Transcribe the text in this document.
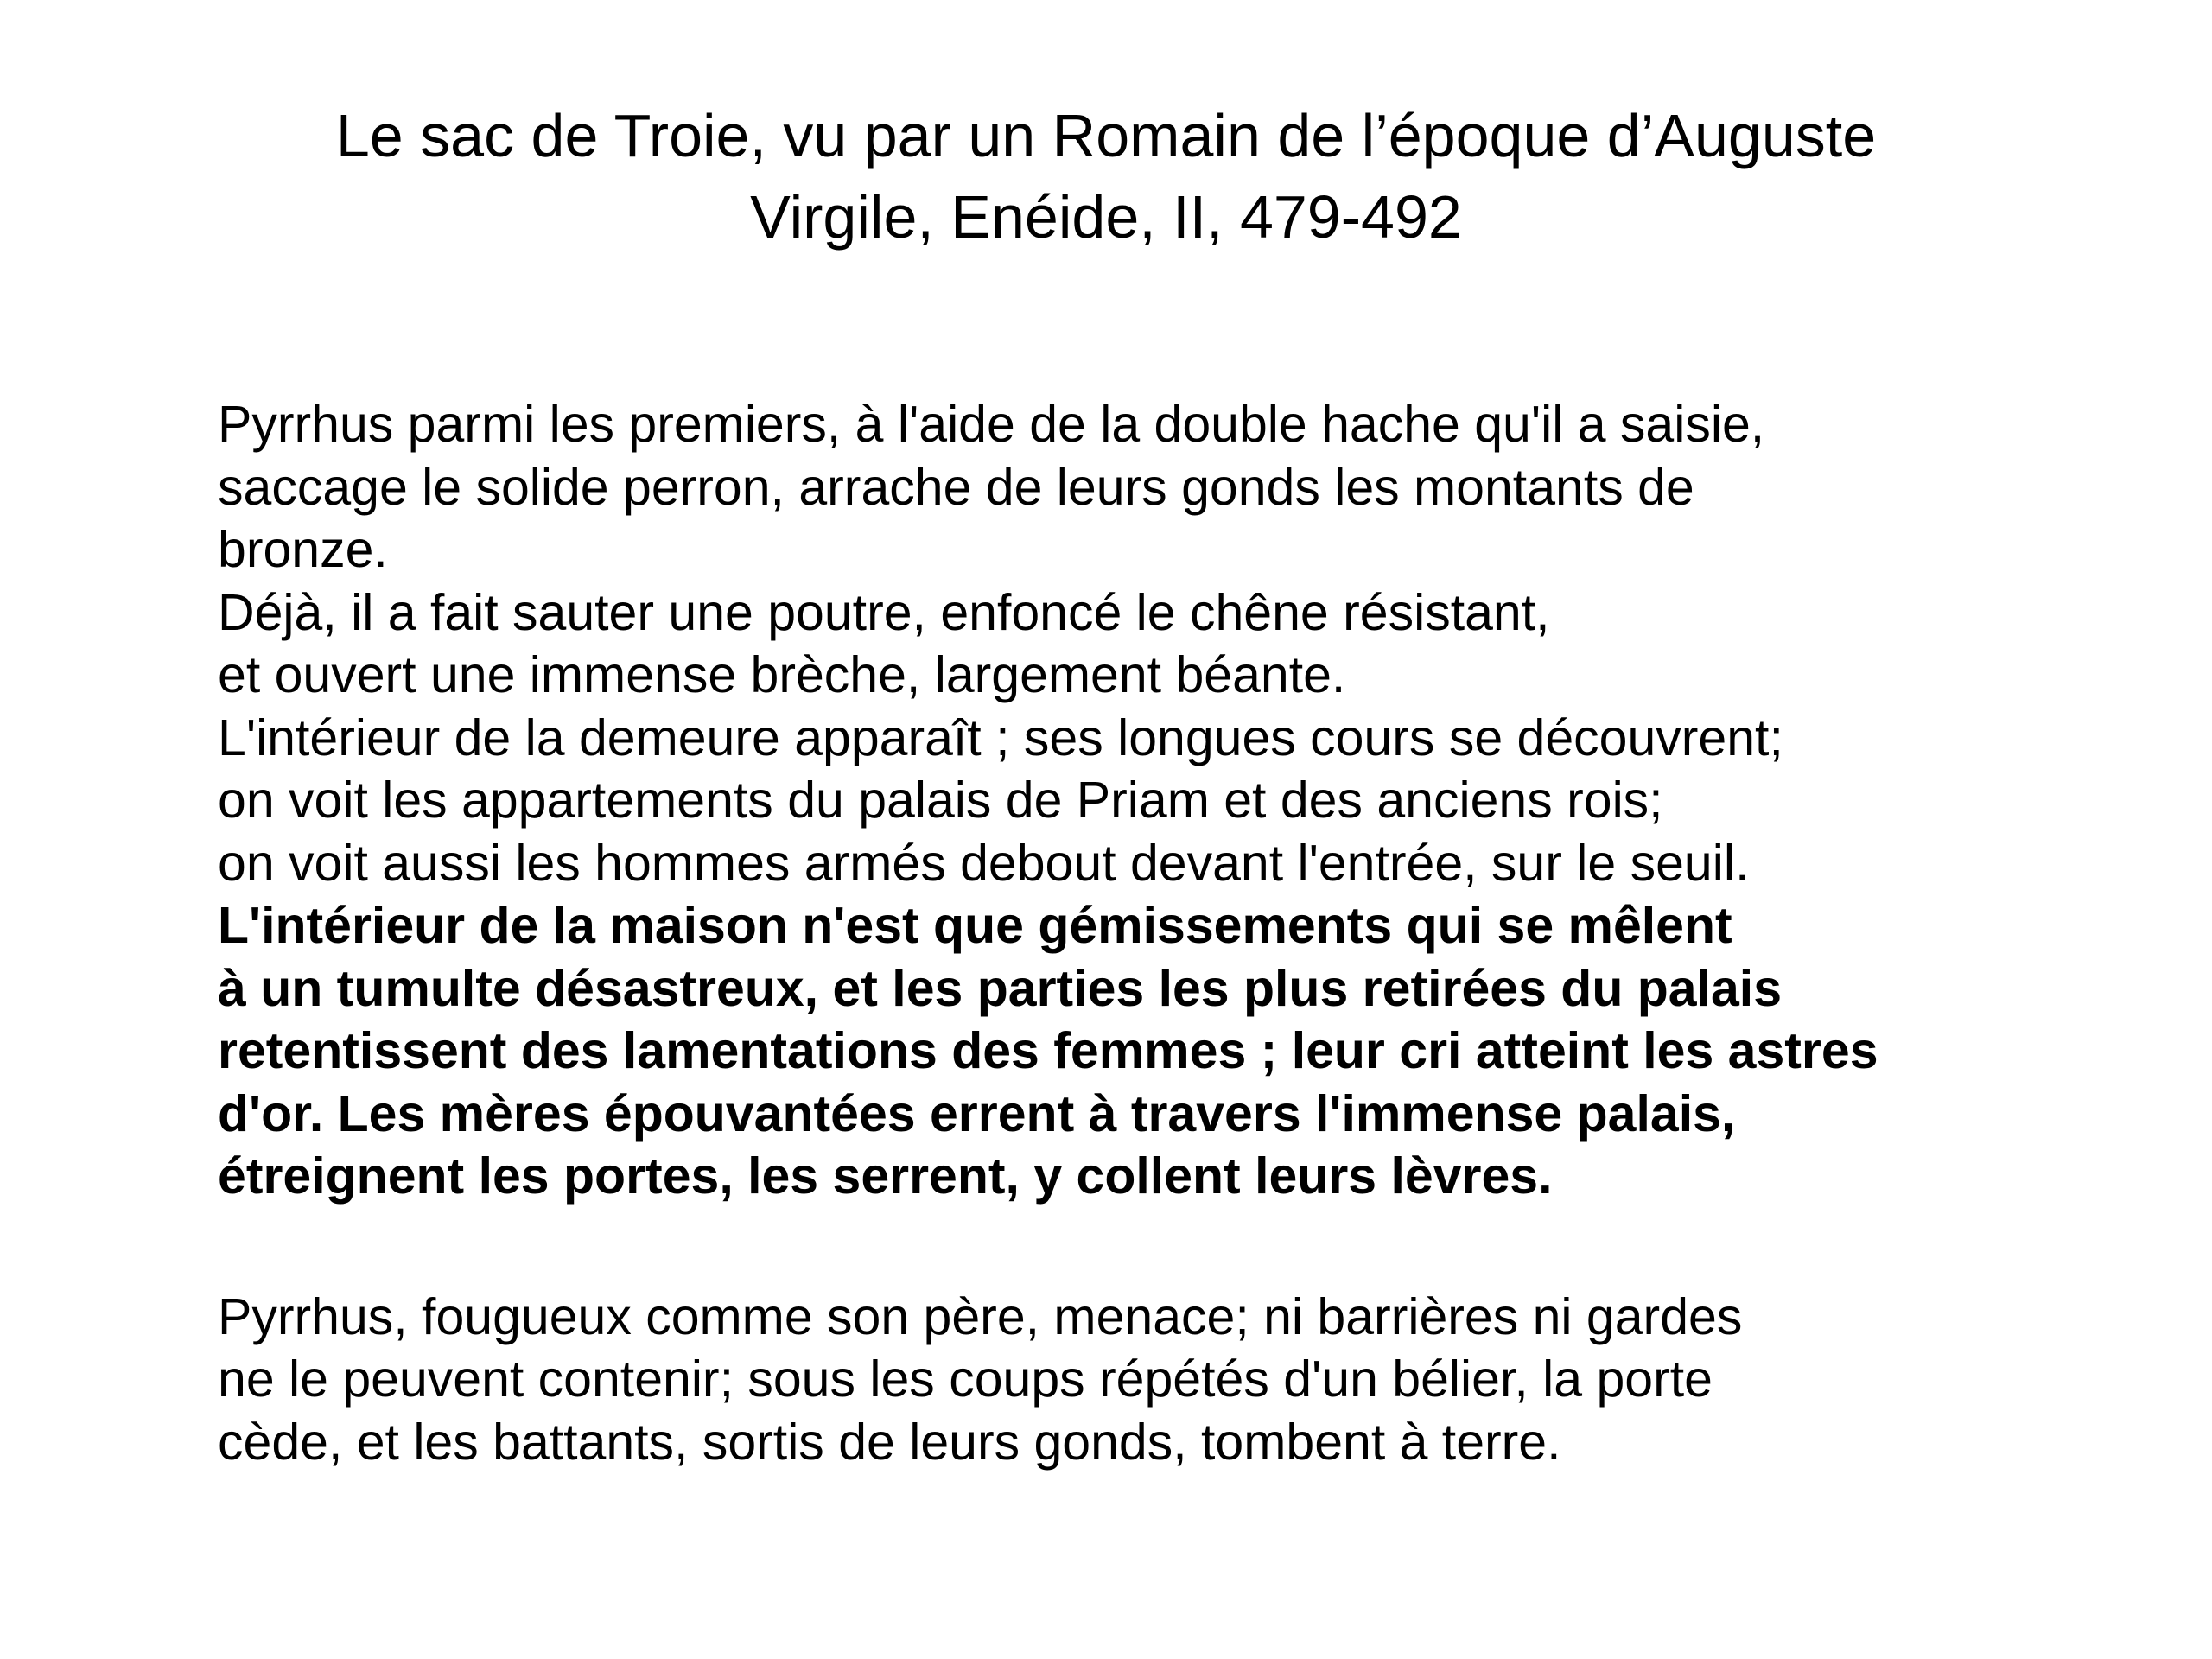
Le sac de Troie, vu par un Romain de l’époque d’Auguste
Virgile, Enéide, II, 479-492
Pyrrhus parmi les premiers, à l'aide de la double hache qu'il a saisie,
saccage le solide perron, arrache de leurs gonds les montants de
bronze.
Déjà, il a fait sauter une poutre, enfoncé le chêne résistant,
et ouvert une immense brèche, largement béante.
L'intérieur de la demeure apparaît ; ses longues cours se découvrent;
on voit les appartements du palais de Priam et des anciens rois;
on voit aussi les hommes armés debout devant l'entrée, sur le seuil.
L'intérieur de la maison n'est que gémissements qui se mêlent
à un tumulte désastreux, et les parties les plus retirées du palais
retentissent des lamentations des femmes ; leur cri atteint les astres
d'or. Les mères épouvantées errent à travers l'immense palais,
étreignent les portes, les serrent, y collent leurs lèvres.
Pyrrhus, fougueux comme son père, menace; ni barrières ni gardes
ne le peuvent contenir; sous les coups répétés d'un bélier, la porte
cède, et les battants, sortis de leurs gonds, tombent à terre.
